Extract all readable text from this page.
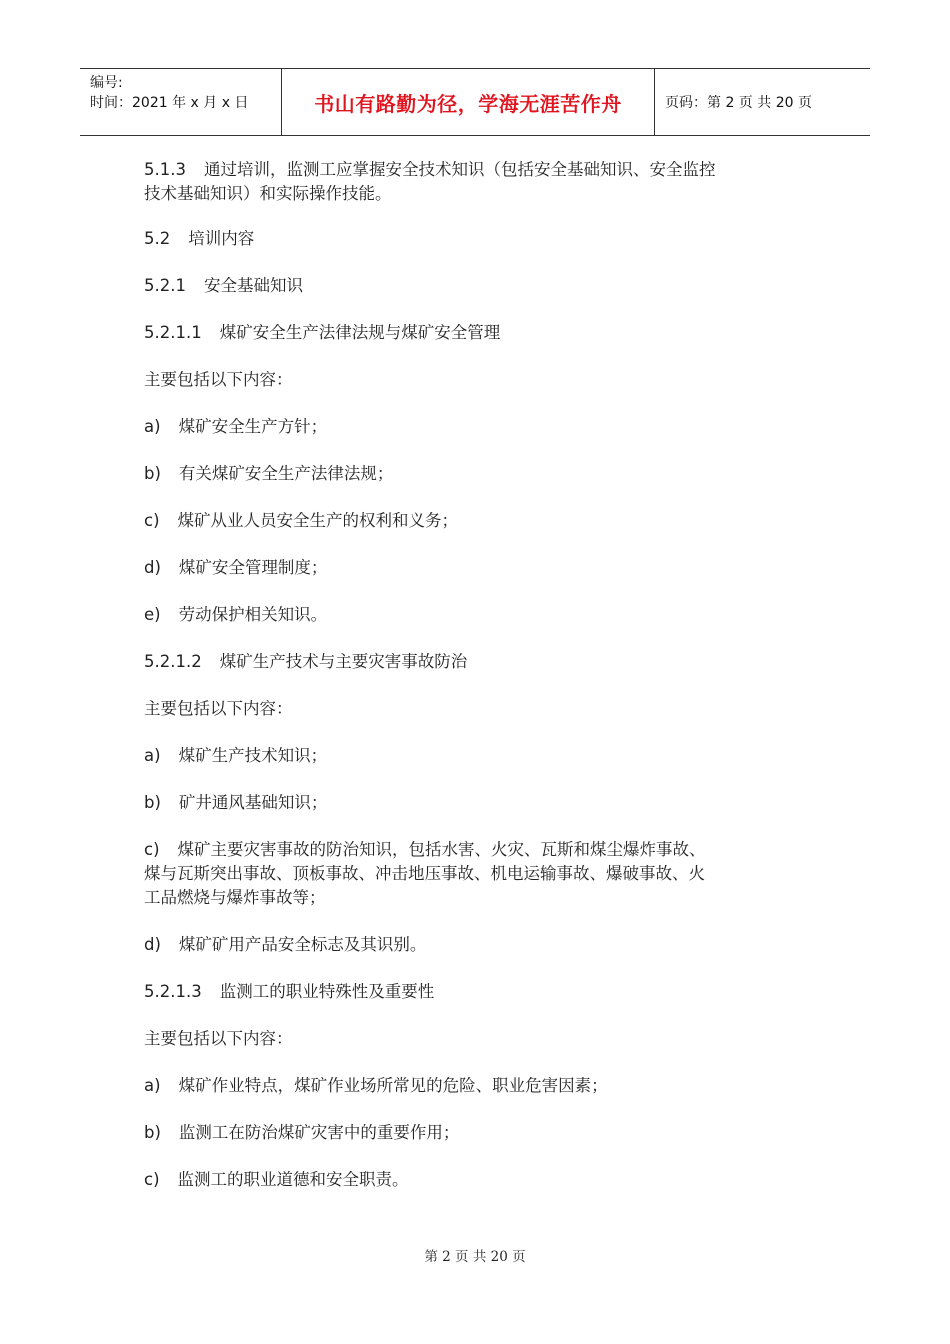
编号:
时间：2021 年 x 月 x 日	书山有路勤为径，学海无涯苦作舟	页码：第 2 页 共 20 页

5.1.3 通过培训，监测工应掌握安全技术知识（包括安全基础知识、安全监控

技术基础知识）和实际操作技能。

5.2 培训内容

5.2.1 安全基础知识

5.2.1.1 煤矿安全生产法律法规与煤矿安全管理

主要包括以下内容：

a) 煤矿安全生产方针；

b) 有关煤矿安全生产法律法规；

c) 煤矿从业人员安全生产的权利和义务；

d) 煤矿安全管理制度；

e) 劳动保护相关知识。

5.2.1.2 煤矿生产技术与主要灾害事故防治

主要包括以下内容：

a) 煤矿生产技术知识；

b) 矿井通风基础知识；

c) 煤矿主要灾害事故的防治知识，包括水害、火灾、瓦斯和煤尘爆炸事故、

煤与瓦斯突出事故、顶板事故、冲击地压事故、机电运输事故、爆破事故、火

工品燃烧与爆炸事故等；

d) 煤矿矿用产品安全标志及其识别。

5.2.1.3 监测工的职业特殊性及重要性

主要包括以下内容：

a) 煤矿作业特点，煤矿作业场所常见的危险、职业危害因素；

b) 监测工在防治煤矿灾害中的重要作用；

c) 监测工的职业道德和安全职责。

第 2 页 共 20 页
